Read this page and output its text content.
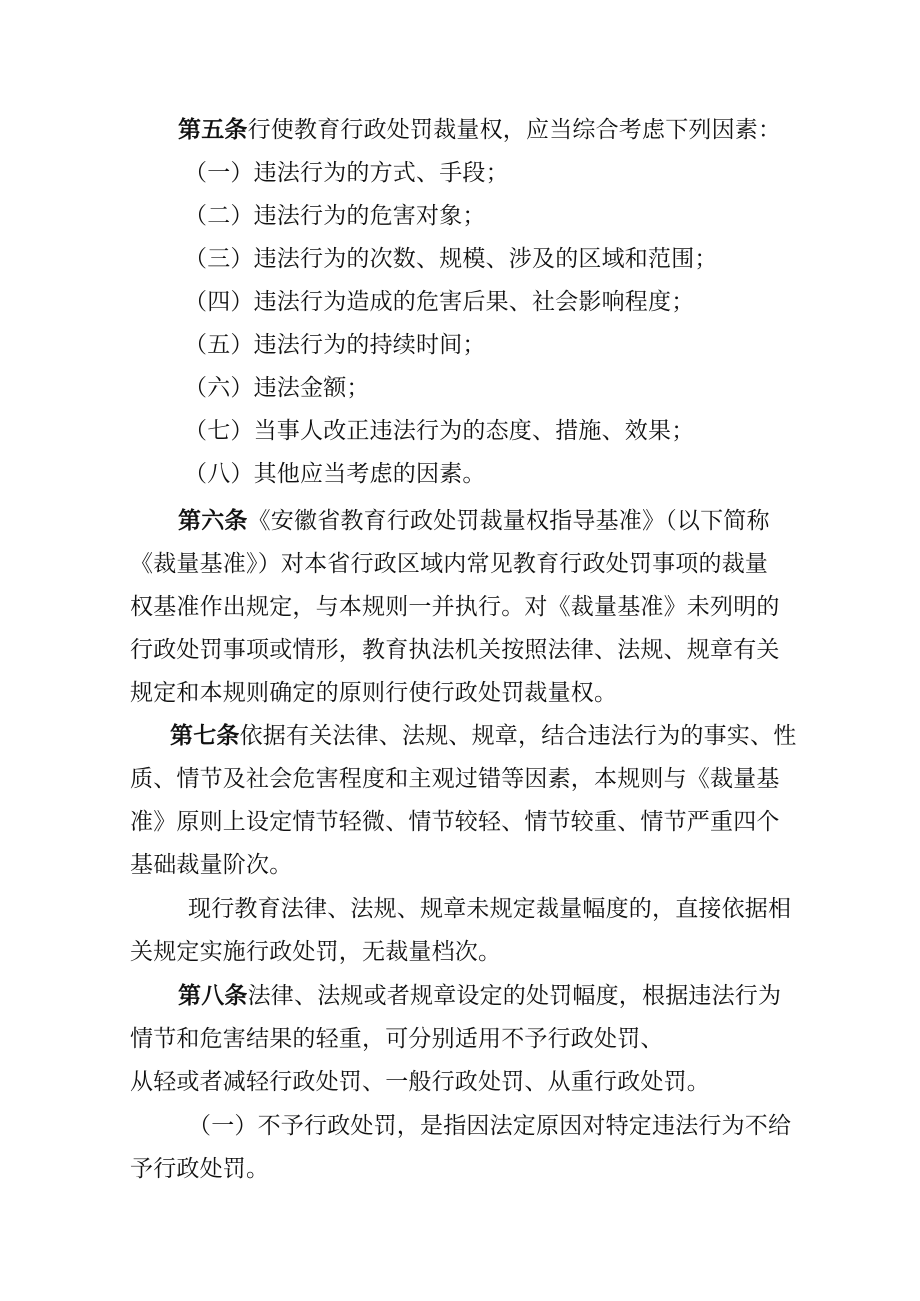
第五条行使教育行政处罚裁量权，应当综合考虑下列因素：
（一）违法行为的方式、手段；
（二）违法行为的危害对象；
（三）违法行为的次数、规模、涉及的区域和范围；
（四）违法行为造成的危害后果、社会影响程度；
（五）违法行为的持续时间；
（六）违法金额；
（七）当事人改正违法行为的态度、措施、效果；
（八）其他应当考虑的因素。
第六条《安徽省教育行政处罚裁量权指导基准》（以下简称
《裁量基准》）对本省行政区域内常见教育行政处罚事项的裁量
权基准作出规定，与本规则一并执行。对《裁量基准》未列明的
行政处罚事项或情形，教育执法机关按照法律、法规、规章有关
规定和本规则确定的原则行使行政处罚裁量权。
第七条依据有关法律、法规、规章，结合违法行为的事实、性
质、情节及社会危害程度和主观过错等因素，本规则与《裁量基
准》原则上设定情节轻微、情节较轻、情节较重、情节严重四个
基础裁量阶次。
现行教育法律、法规、规章未规定裁量幅度的，直接依据相
关规定实施行政处罚，无裁量档次。
第八条法律、法规或者规章设定的处罚幅度，根据违法行为
情节和危害结果的轻重，可分别适用不予行政处罚、
从轻或者减轻行政处罚、一般行政处罚、从重行政处罚。
（一）不予行政处罚，是指因法定原因对特定违法行为不给
予行政处罚。
